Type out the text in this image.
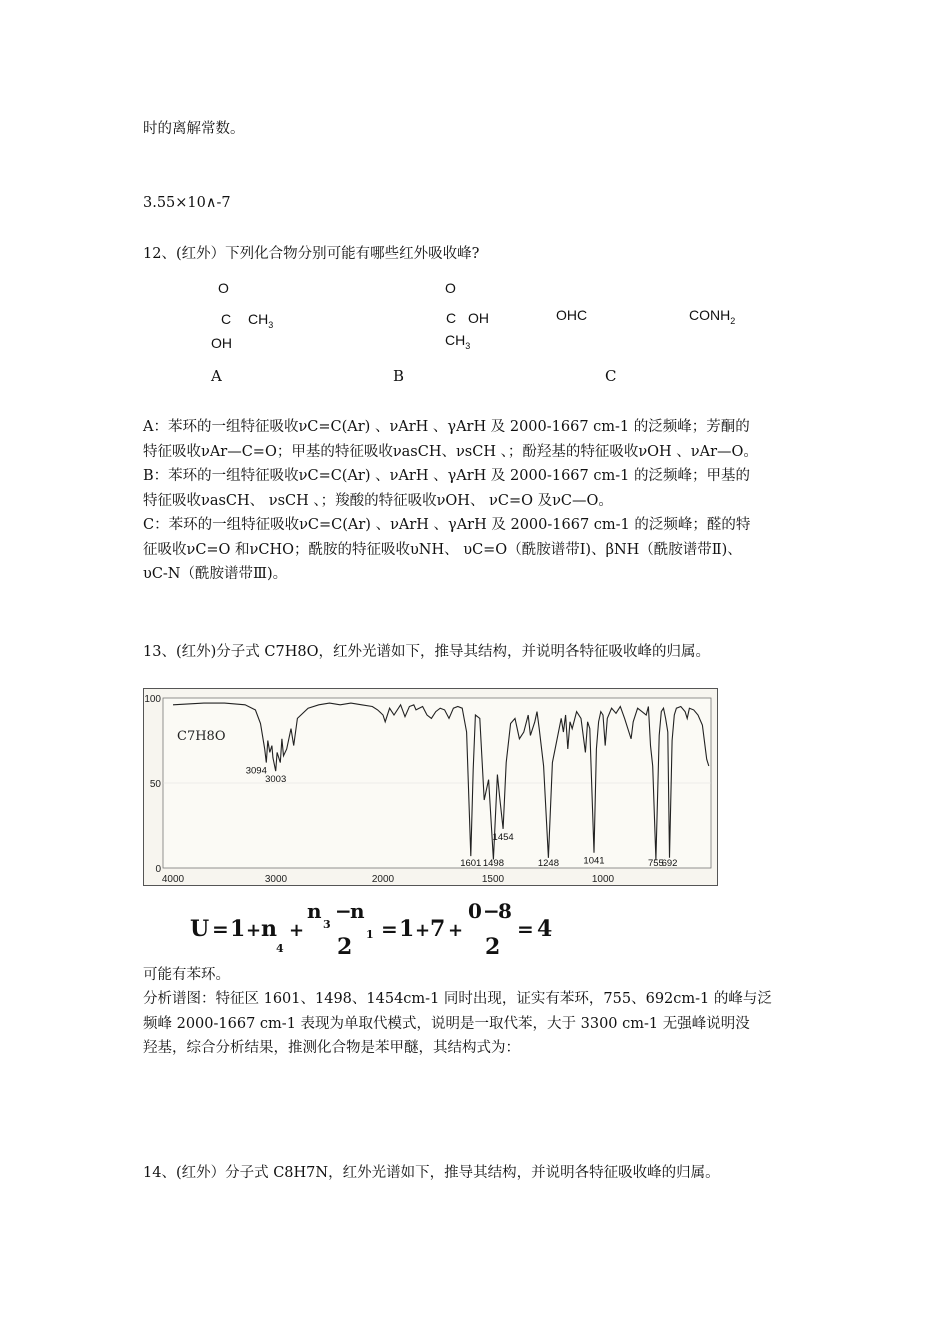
时的离解常数。
3.55×10∧-7
12、(红外）下列化合物分别可能有哪些红外吸收峰?
O
C $CH_3$
OH
O
C OH
$CH_3$
OHC	$CONH_2$
A	B	C
A：苯环的一组特征吸收νC=C(Ar) 、νArH 、γArH 及 2000-1667 cm-1 的泛频峰；芳酮的
特征吸收νAr—C=O；甲基的特征吸收νasCH、νsCH 、；酚羟基的特征吸收νOH 、νAr—O。
B：苯环的一组特征吸收νC=C(Ar) 、νArH 、γArH 及 2000-1667 cm-1 的泛频峰；甲基的
特征吸收νasCH、 νsCH 、；羧酸的特征吸收νOH、 νC=O 及νC—O。
C：苯环的一组特征吸收νC=C(Ar) 、νArH 、γArH 及 2000-1667 cm-1 的泛频峰；醛的特
征吸收νC=O 和νCHO；酰胺的特征吸收υNH、 υC=O（酰胺谱带Ⅰ)、βNH（酰胺谱带Ⅱ)、
υC-N（酰胺谱带Ⅲ)。
13、(红外)分子式 C7H8O，红外光谱如下，推导其结构，并说明各特征吸收峰的归属。
4000	3000	2000	1500	1000
100
50
0
3094
3003
1601 1498
1454
1248	1041	755
692
C7H8O
U = 1 + n
4
+
n
3
−
n
1
2
= 1 + 7 +
0 −
8
2
= 4
可能有苯环。
分析谱图：特征区 1601、1498、1454cm-1 同时出现，证实有苯环，755、692cm-1 的峰与泛
频峰 2000-1667 cm-1 表现为单取代模式，说明是一取代苯，大于 3300 cm-1 无强峰说明没
羟基，综合分析结果，推测化合物是苯甲醚，其结构式为：
14、(红外）分子式 C8H7N，红外光谱如下，推导其结构，并说明各特征吸收峰的归属。
